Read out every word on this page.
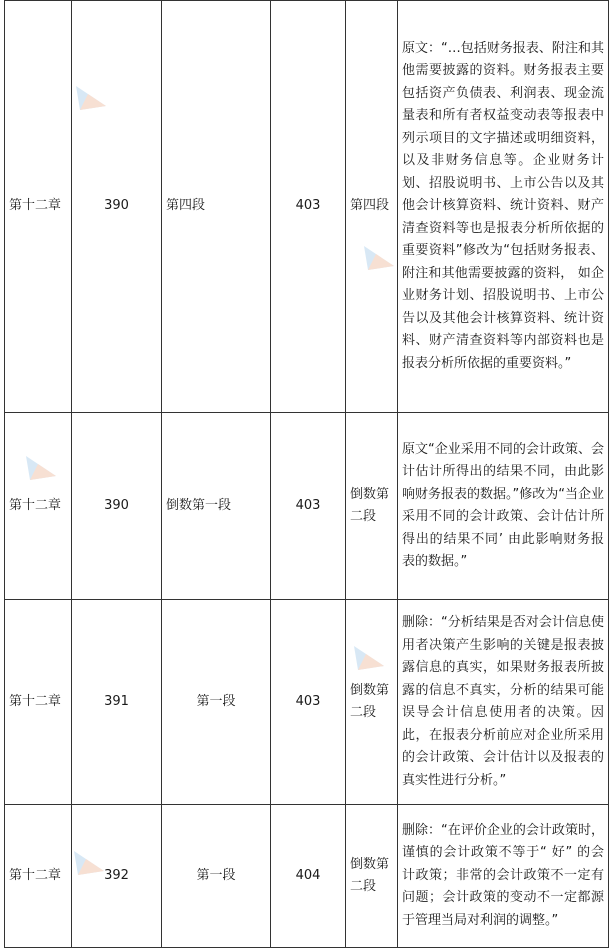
第十二章	390	第四段	403	第四段	原文：“…包括财务报表、附注和其他需要披露的资料。财务报表主要包括资产负债表、利润表、现金流量表和所有者权益变动表等报表中列示项目的文字描述或明细资料，以及非财务信息等。企业财务计划、招股说明书、上市公告以及其他会计核算资料、统计资料、财产清查资料等也是报表分析所依据的重要资料”修改为“包括财务报表、附注和其他需要披露的资料， 如企业财务计划、招股说明书、上市公告以及其他会计核算资料、统计资料、财产清查资料等内部资料也是报表分析所依据的重要资料。”
第十二章	390	倒数第一段	403	倒数第二段	原文“企业采用不同的会计政策、会计估计所得出的结果不同，由此影响财务报表的数据。”修改为“当企业采用不同的会计政策、会计估计所得出的结果不同’ 由此影响财务报表的数据。”
第十二章	391	第一段	403	倒数第二段	删除：“分析结果是否对会计信息使用者决策产生影响的关键是报表披露信息的真实，如果财务报表所披露的信息不真实，分析的结果可能误导会计信息使用者的决策。因此，在报表分析前应对企业所采用的会计政策、会计估计以及报表的真实性进行分析。”
第十二章	392	第一段	404	倒数第二段	删除：“在评价企业的会计政策时，谨慎的会计政策不等于“ 好” 的会计政策；非常的会计政策不一定有问题；会计政策的变动不一定都源于管理当局对利润的调整。”
